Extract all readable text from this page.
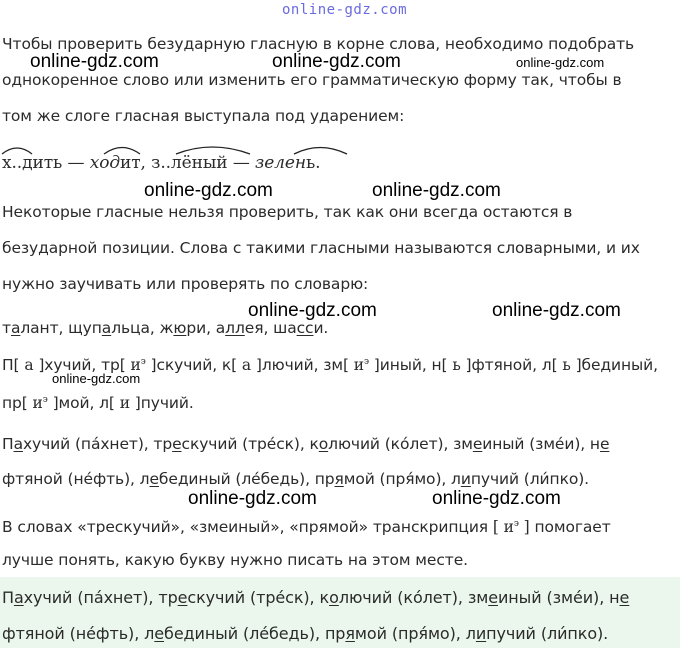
online-gdz.com
Чтобы проверить безударную гласную в корне слова, необходимо подобрать
однокоренное слово или изменить его грамматическую форму так, чтобы в
том же слоге гласная выступала под ударением:
х..дить — ходит, з..лёный — зелень.
Некоторые гласные нельзя проверить, так как они всегда остаются в
безударной позиции. Слова с такими гласными называются словарными, и их
нужно заучивать или проверять по словарю:
талант, щупальца, жюри, аллея, шасси.
П[ а ]хучий, тр[ $и^э$ ]скучий, к[ а ]лючий, зм[ $и^э$ ]иный, н[ ь ]фтяной, л[ ь ]бединый,
пр[ $и^э$ ]мой, л[ и ]пучий.
Пахучий (па́хнет), трескучий (тре́ск), колючий (ко́лет), змеиный (зме́и), не
фтяной (не́фть), лебединый (ле́бедь), прямой (пря́мо), липучий (ли́пко).
В словах «трескучий», «змеиный», «прямой» транскрипция [ $и^э$ ] помогает
лучше понять, какую букву нужно писать на этом месте.
Пахучий (па́хнет), трескучий (тре́ск), колючий (ко́лет), змеиный (зме́и), не
фтяной (не́фть), лебединый (ле́бедь), прямой (пря́мо), липучий (ли́пко).
online-gdz.com	online-gdz.com	online-gdz.com
online-gdz.com	online-gdz.com
online-gdz.com	online-gdz.com
online-gdz.com
online-gdz.com	online-gdz.com
